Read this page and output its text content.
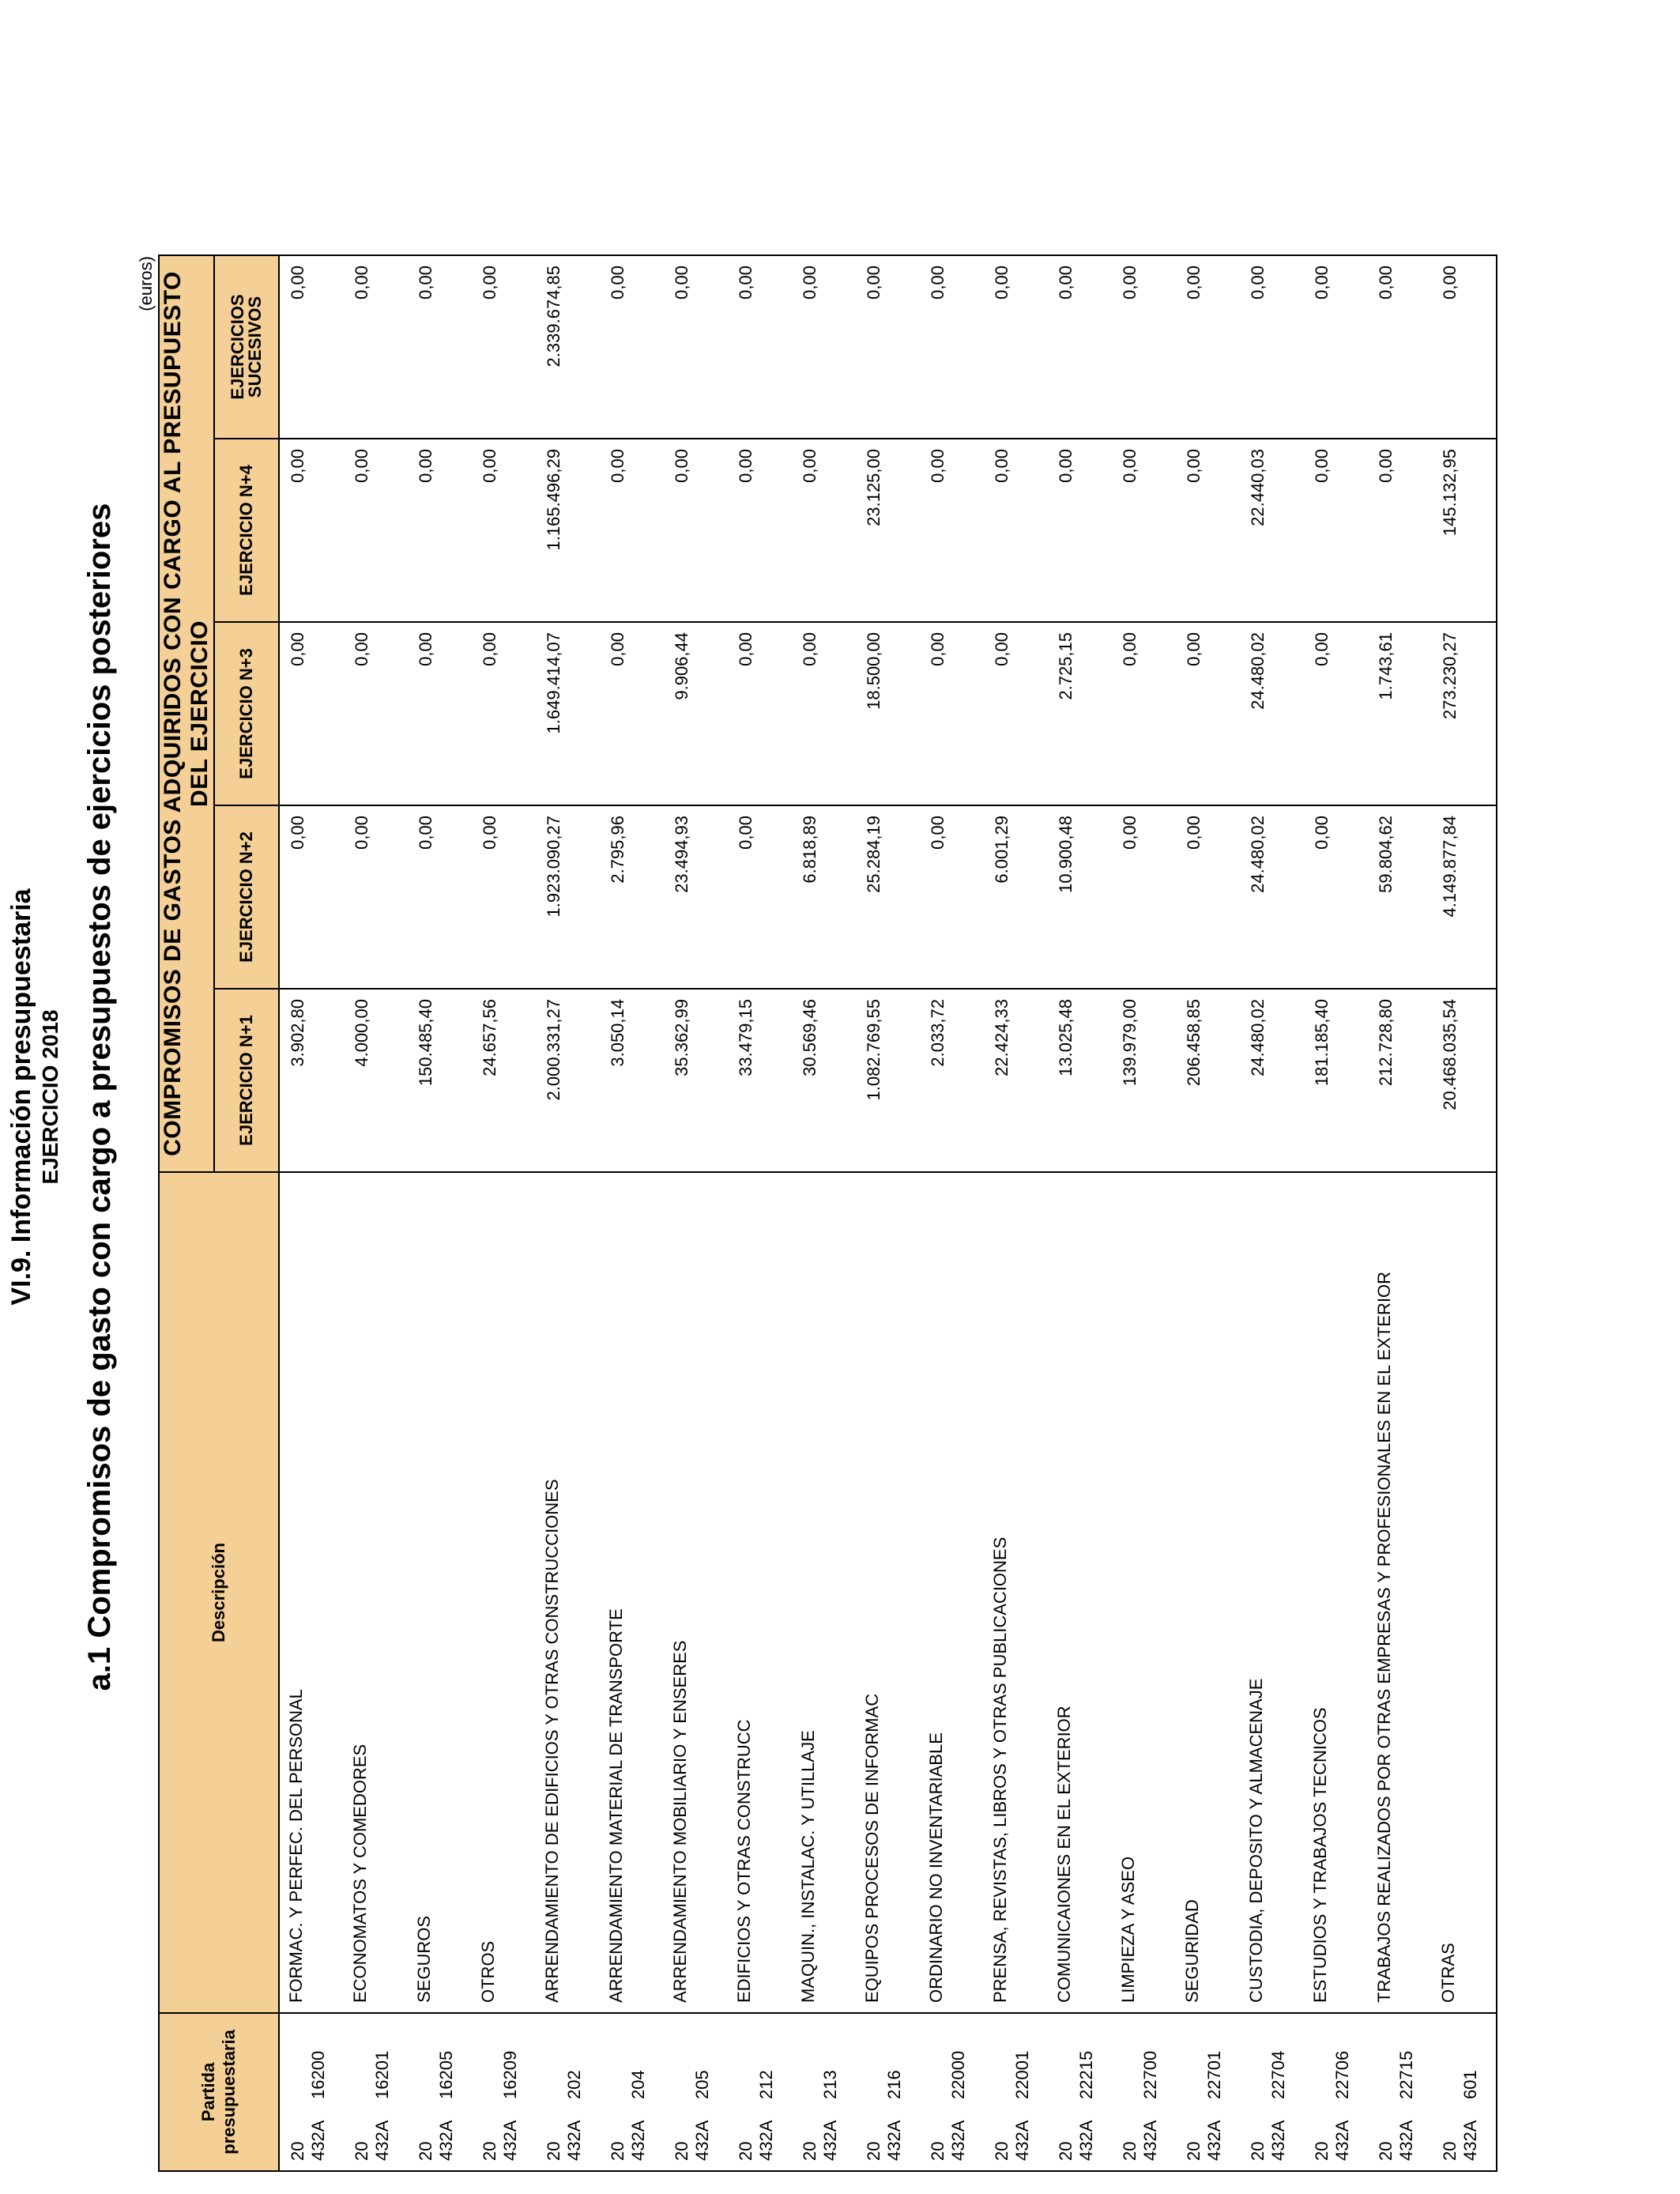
VI.9. Información presupuestaria EJERCICIO 2018 a.1 Compromisos de gasto con cargo a presupuestos de ejercicios posteriores
(euros)
Partida presupuestaria	Descripción	COMPROMISOS DE GASTOS ADQUIRIDOS CON CARGO AL PRESUPUESTO DEL EJERCICIO				
		EJERCICIO N+1	EJERCICIO N+2	EJERCICIO N+3	EJERCICIO N+4	EJERCICIOS SUCESIVOS
20 432A16200	FORMAC. Y PERFEC. DEL PERSONAL	3.902,80	0,00	0,00	0,00	0,00
20 432A16201	ECONOMATOS Y COMEDORES	4.000,00	0,00	0,00	0,00	0,00
20 432A16205	SEGUROS	150.485,40	0,00	0,00	0,00	0,00
20 432A16209	OTROS	24.657,56	0,00	0,00	0,00	0,00
20 432A202	ARRENDAMIENTO DE EDIFICIOS Y OTRAS CONSTRUCCIONES	2.000.331,27	1.923.090,27	1.649.414,07	1.165.496,29	2.339.674,85
20 432A204	ARRENDAMIENTO MATERIAL DE TRANSPORTE	3.050,14	2.795,96	0,00	0,00	0,00
20 432A205	ARRENDAMIENTO MOBILIARIO Y ENSERES	35.362,99	23.494,93	9.906,44	0,00	0,00
20 432A212	EDIFICIOS Y OTRAS CONSTRUCC	33.479,15	0,00	0,00	0,00	0,00
20 432A213	MAQUIN., INSTALAC. Y UTILLAJE	30.569,46	6.818,89	0,00	0,00	0,00
20 432A216	EQUIPOS PROCESOS DE INFORMAC	1.082.769,55	25.284,19	18.500,00	23.125,00	0,00
20 432A22000	ORDINARIO NO INVENTARIABLE	2.033,72	0,00	0,00	0,00	0,00
20 432A22001	PRENSA, REVISTAS, LIBROS Y OTRAS PUBLICACIONES	22.424,33	6.001,29	0,00	0,00	0,00
20 432A22215	COMUNICAIONES EN EL EXTERIOR	13.025,48	10.900,48	2.725,15	0,00	0,00
20 432A22700	LIMPIEZA Y ASEO	139.979,00	0,00	0,00	0,00	0,00
20 432A22701	SEGURIDAD	206.458,85	0,00	0,00	0,00	0,00
20 432A22704	CUSTODIA, DEPOSITO Y ALMACENAJE	24.480,02	24.480,02	24.480,02	22.440,03	0,00
20 432A22706	ESTUDIOS Y TRABAJOS TECNICOS	181.185,40	0,00	0,00	0,00	0,00
20 432A22715	TRABAJOS REALIZADOS POR OTRAS EMPRESAS Y PROFESIONALES EN EL EXTERIOR	212.728,80	59.804,62	1.743,61	0,00	0,00
20 432A601	OTRAS	20.468.035,54	4.149.877,84	273.230,27	145.132,95	0,00
